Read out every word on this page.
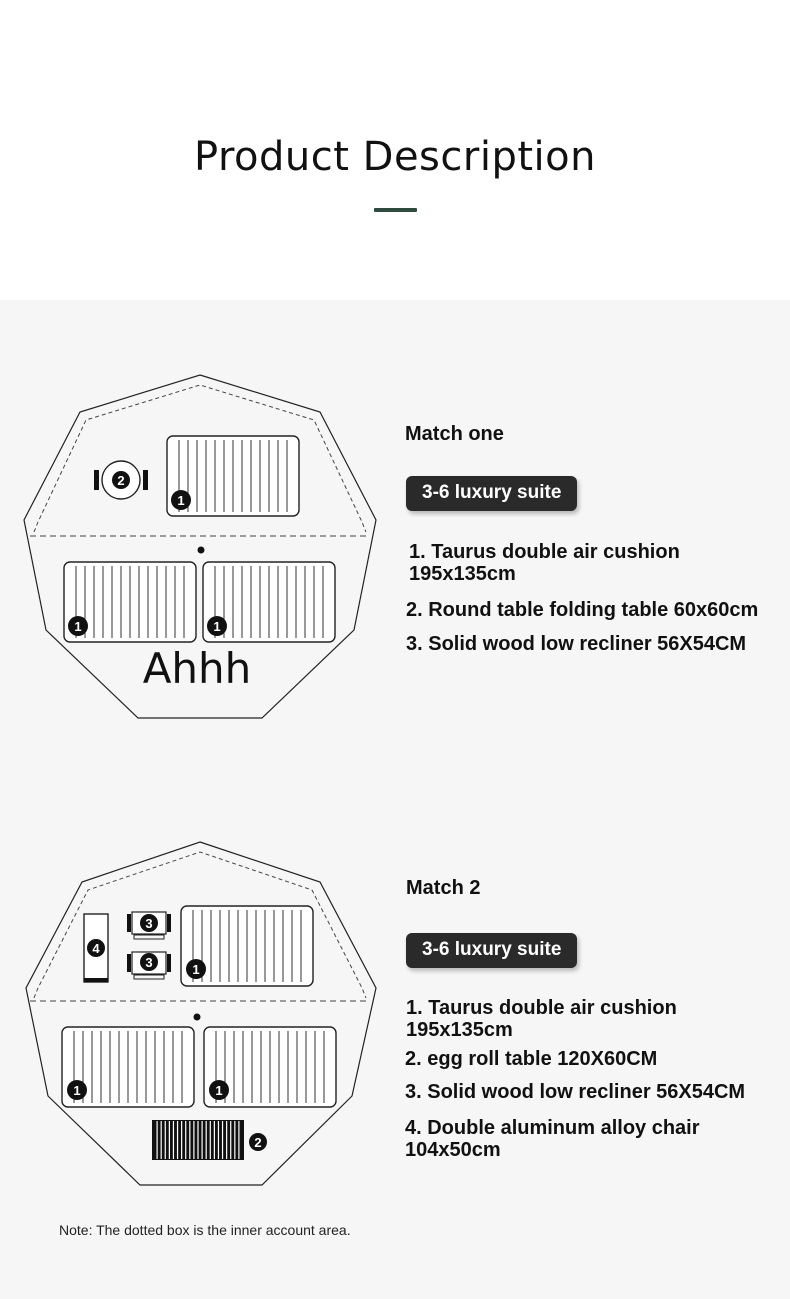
Product Description
2
1
1	1
Ahhh
Match one
3-6 luxury suite
1. Taurus double air cushion 195x135cm
2. Round table folding table 60x60cm
3. Solid wood low recliner 56X54CM
4
3
3	1
1	1
2
Match 2
3-6 luxury suite
1. Taurus double air cushion 195x135cm
2. egg roll table 120X60CM
3. Solid wood low recliner 56X54CM
4. Double aluminum alloy chair 104x50cm
Note: The dotted box is the inner account area.
